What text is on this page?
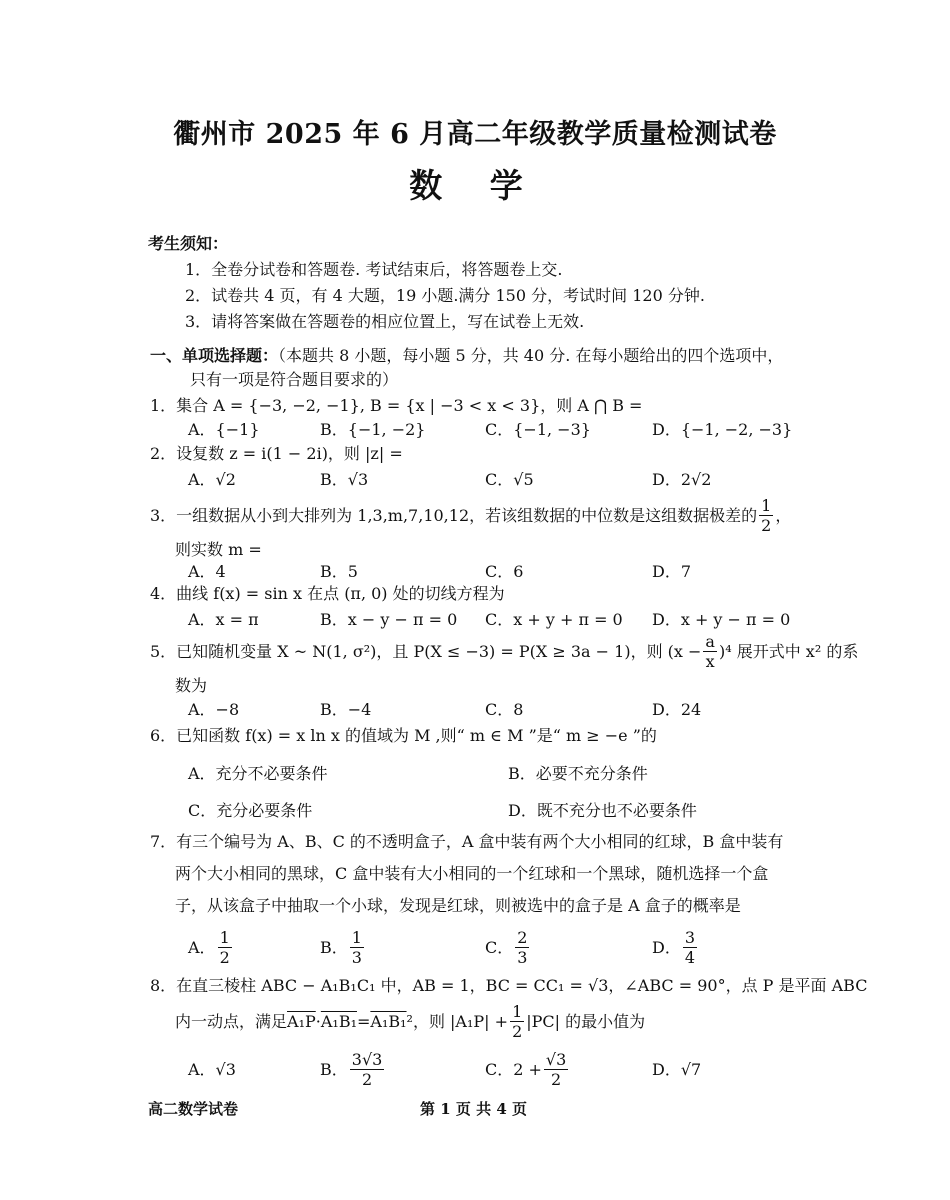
衢州市 2025 年 6 月高二年级教学质量检测试卷
数 学
考生须知：
1．全卷分试卷和答题卷. 考试结束后，将答题卷上交.
2．试卷共 4 页，有 4 大题，19 小题.满分 150 分，考试时间 120 分钟.
3．请将答案做在答题卷的相应位置上，写在试卷上无效.
一、单项选择题：（本题共 8 小题，每小题 5 分，共 40 分. 在每小题给出的四个选项中，
只有一项是符合题目要求的）
1．集合 A = {−3, −2, −1}, B = {x | −3 < x < 3}，则 A ⋂ B =
A．{−1}	B．{−1, −2}	C．{−1, −3}	D．{−1, −2, −3}
2．设复数 z = i(1 − 2i)，则 |z| =
A．√2	B．√3	C．√5	D．2√2
3．一组数据从小到大排列为 1,3,m,7,10,12，若该组数据的中位数是这组数据极差的 $\frac{1}{2}$ ，
则实数 m =
A．4	B．5	C．6	D．7
4．曲线 f(x) = sin x 在点 (π, 0) 处的切线方程为
A．x = π	B．x − y − π = 0 C．x + y + π = 0 D．x + y − π = 0
5．已知随机变量 X ~ N(1, σ²)，且 P(X ≤ −3) = P(X ≥ 3a − 1)，则 $(x - \frac{a}{x} )^4$ 展开式中 x² 的系
数为
A．−8	B．−4	C．8	D．24
6．已知函数 f(x) = x ln x 的值域为 M ,则“ m ∈ M ”是“ m ≥ −e ”的
A．充分不必要条件	B．必要不充分条件
C．充分必要条件	D．既不充分也不必要条件
7．有三个编号为 A、B、C 的不透明盒子，A 盒中装有两个大小相同的红球，B 盒中装有
两个大小相同的黑球，C 盒中装有大小相同的一个红球和一个黑球，随机选择一个盒
子，从该盒子中抽取一个小球，发现是红球，则被选中的盒子是 A 盒子的概率是
A． $\frac{1}{2}$	B． $\frac{1}{3}$	C． $\frac{2}{3}$	D． $\frac{3}{4}$
8．在直三棱柱 ABC − A₁B₁C₁ 中，AB = 1，BC = CC₁ = √3，∠ABC = 90°，点 P 是平面 ABC
内一动点，满足 A₁P · A₁B₁ = A₁B₁ ² ，则 $|A_1P| + \frac{1}{2} |PC|$ 的最小值为
A．√3	B． $\frac{3√3}{2}$	C．$2 + \frac{√3}{2}$	D．√7
高二数学试卷	第 1 页 共 4 页
